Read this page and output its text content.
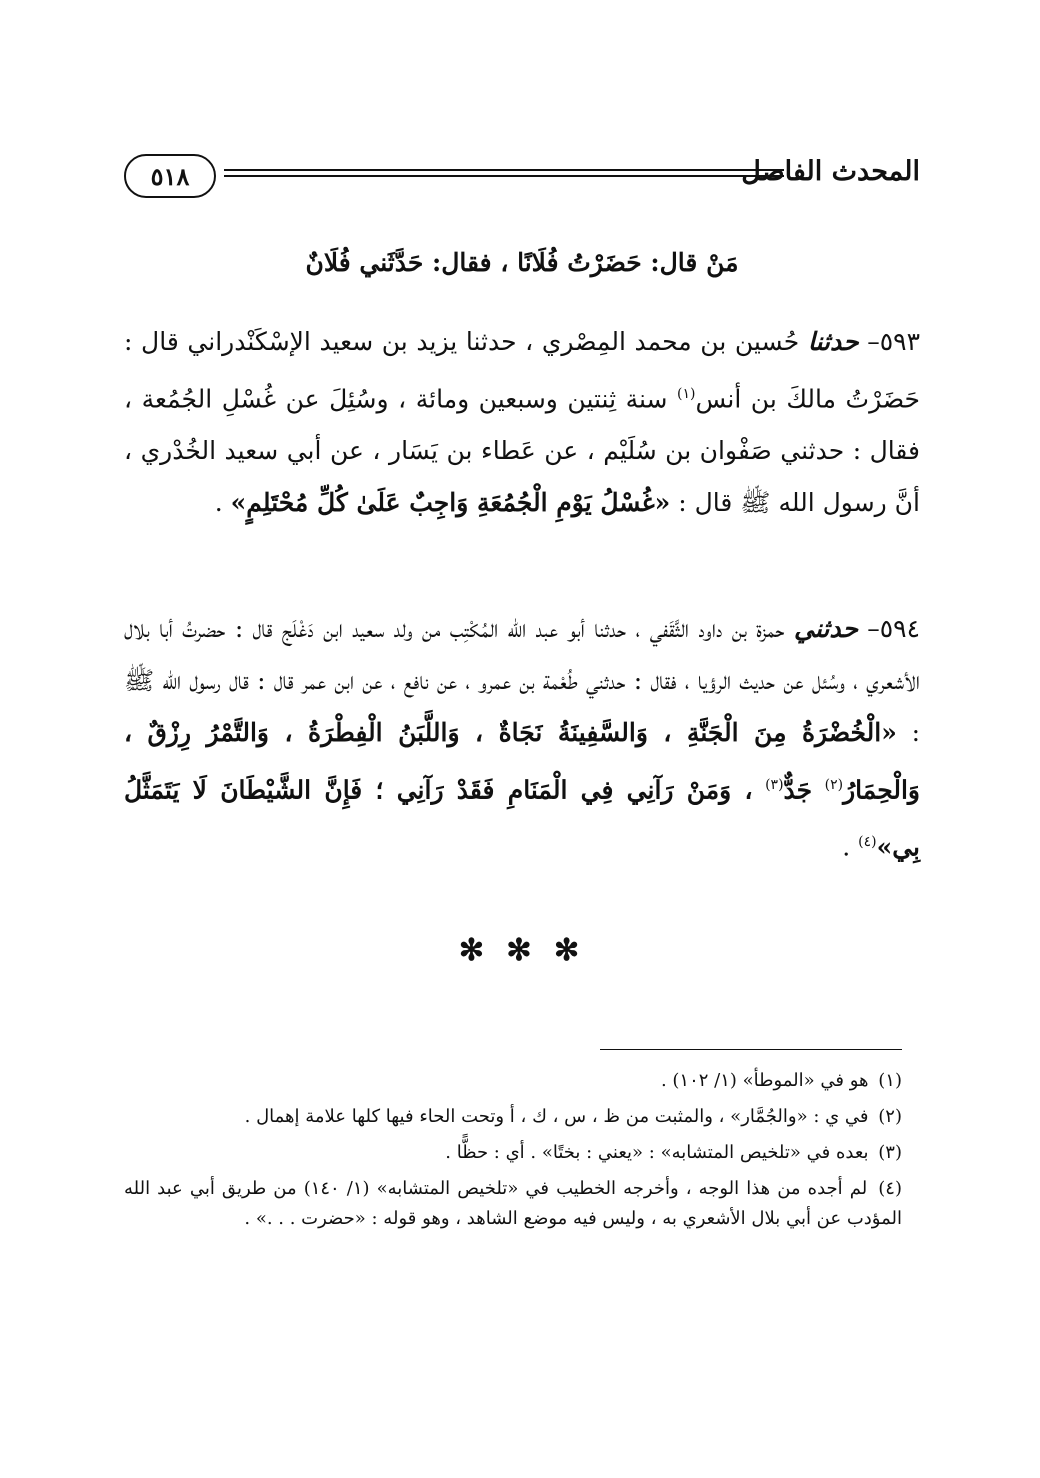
٥١٨	المحدث الفاصل
مَنْ قال: حَضَرْتُ فُلَانًا ، فقال: حَدَّثَني فُلَانٌ
٥٩٣– حدثنا حُسين بن محمد المِصْري ، حدثنا يزيد بن سعيد الإسْكَنْدراني قال : حَضَرْتُ مالكَ بن أنس$^{(١)}$ سنة ثِنتين وسبعين ومائة ، وسُئِلَ عن غُسْلِ الجُمُعة ، فقال : حدثني صَفْوان بن سُلَيْم ، عن عَطاء بن يَسَار ، عن أبي سعيد الخُدْري ، أنَّ رسول الله ﷺ قال : «غُسْلُ يَوْمِ الْجُمُعَةِ وَاجِبٌ عَلَىٰ كُلِّ مُحْتَلِمٍ» .
٥٩٤– حدثني حمزة بن داود الثَّقَفي ، حدثنا أبو عبد الله المُكْتِب من ولد سعيد ابن دَغْلَج قال : حضرتُ أبا بلال الأشعري ، وسُئل عن حديث الرؤيا ، فقال : حدثني طُعْمة بن عمرو ، عن نافع ، عن ابن عمر قال : قال رسول الله ﷺ : «الْخُضْرَةُ مِنَ الْجَنَّةِ ، وَالسَّفِينَةُ نَجَاةٌ ، وَاللَّبَنُ الْفِطْرَةُ ، وَالتَّمْرُ رِزْقٌ ، وَالْحِمَارُ$^{(٢)}$ جَدٌّ$^{(٣)}$ ، وَمَنْ رَآنِي فِي الْمَنَامِ فَقَدْ رَآنِي ؛ فَإِنَّ الشَّيْطَانَ لَا يَتَمَثَّلُ بِي»$^{(٤)}$ .
✻ ✻ ✻

(١) هو في «الموطأ» (١/ ١٠٢) .

(٢) في ي : «والجُمَّار» ، والمثبت من ظ ، س ، ك ، أ وتحت الحاء فيها كلها علامة إهمال .

(٣) بعده في «تلخيص المتشابه» : «يعني : بختًا» . أي : حظًّا .

(٤) لم أجده من هذا الوجه ، وأخرجه الخطيب في «تلخيص المتشابه» (١/ ١٤٠) من طريق أبي عبد الله المؤدب عن أبي بلال الأشعري به ، وليس فيه موضع الشاهد ، وهو قوله : «حضرت . . .» .
